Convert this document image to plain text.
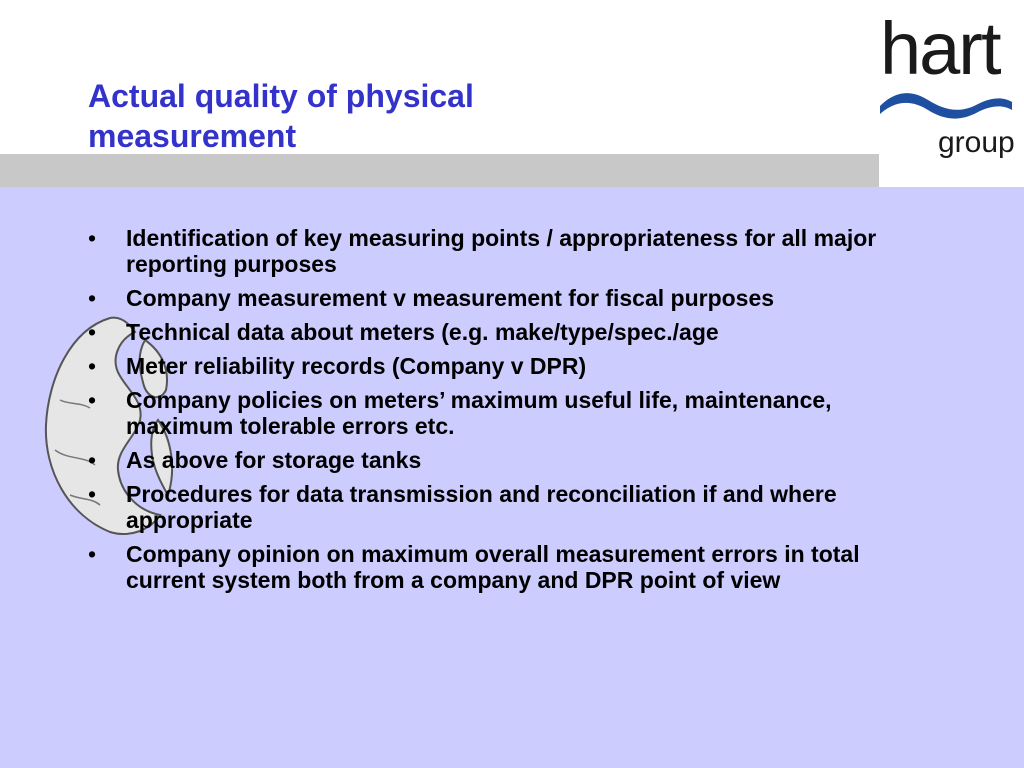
Actual quality of physical measurement
• Identification of key measuring points / appropriateness for all major reporting purposes
• Company measurement v measurement for fiscal purposes
• Technical data about meters (e.g. make/type/spec./age
• Meter reliability records (Company v DPR)
• Company policies on meters’ maximum useful life, maintenance, maximum tolerable errors etc.
• As above for storage tanks
• Procedures for data transmission and reconciliation if and where appropriate
• Company opinion on maximum overall measurement errors in total current system both from a company and DPR point of view
hart
group
